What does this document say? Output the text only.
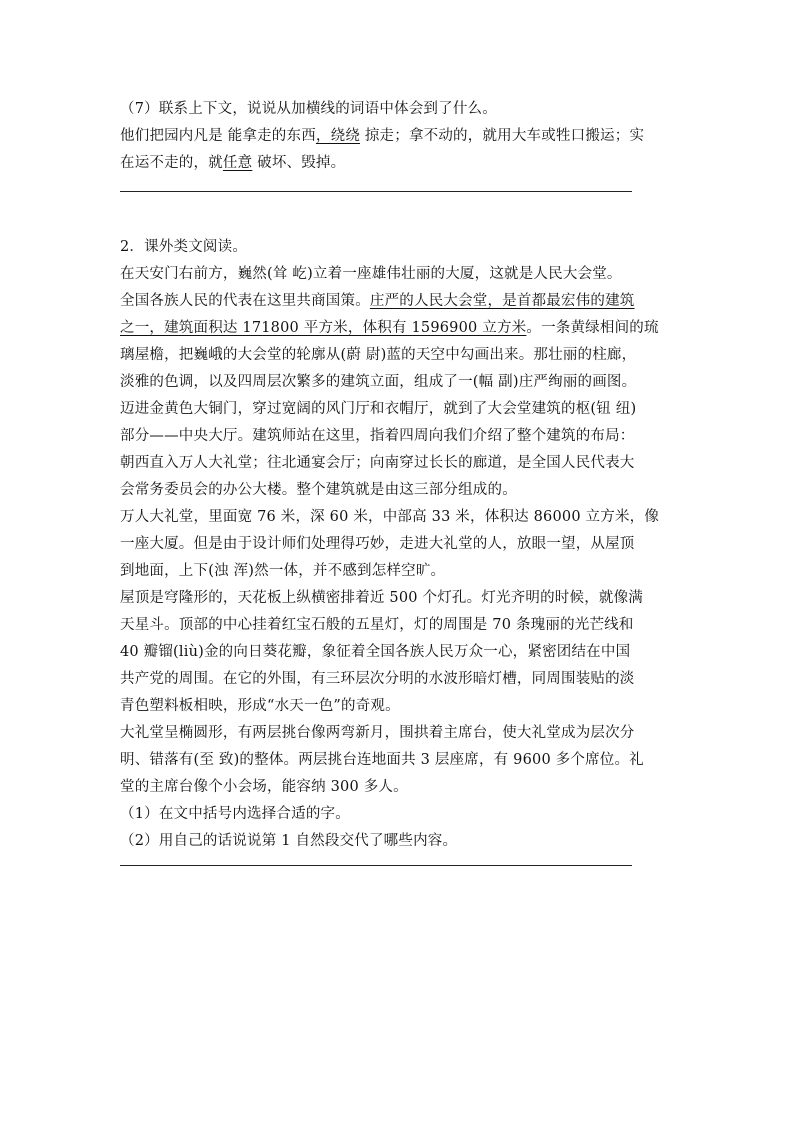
（7）联系上下文，说说从加横线的词语中体会到了什么。
他们把园内凡是 能拿走的东西，绕绕 掠走；拿不动的，就用大车或牲口搬运；实
在运不走的，就任意 破坏、毁掉。
2．课外类文阅读。
在天安门右前方，巍然(耸 屹)立着一座雄伟壮丽的大厦，这就是人民大会堂。
全国各族人民的代表在这里共商国策。庄严的人民大会堂，是首都最宏伟的建筑
之一，建筑面积达 171800 平方米，体积有 1596900 立方米。一条黄绿相间的琉
璃屋檐，把巍峨的大会堂的轮廓从(蔚 尉)蓝的天空中勾画出来。那壮丽的柱廊，
淡雅的色调，以及四周层次繁多的建筑立面，组成了一(幅 副)庄严绚丽的画图。
迈进金黄色大铜门，穿过宽阔的风门厅和衣帽厅，就到了大会堂建筑的枢(钮 纽)
部分——中央大厅。建筑师站在这里，指着四周向我们介绍了整个建筑的布局：
朝西直入万人大礼堂；往北通宴会厅；向南穿过长长的廊道，是全国人民代表大
会常务委员会的办公大楼。整个建筑就是由这三部分组成的。
万人大礼堂，里面宽 76 米，深 60 米，中部高 33 米，体积达 86000 立方米，像
一座大厦。但是由于设计师们处理得巧妙，走进大礼堂的人，放眼一望，从屋顶
到地面，上下(浊 浑)然一体，并不感到怎样空旷。
屋顶是穹隆形的，天花板上纵横密排着近 500 个灯孔。灯光齐明的时候，就像满
天星斗。顶部的中心挂着红宝石般的五星灯，灯的周围是 70 条瑰丽的光芒线和
40 瓣镏(liù)金的向日葵花瓣，象征着全国各族人民万众一心，紧密团结在中国
共产党的周围。在它的外围，有三环层次分明的水波形暗灯槽，同周围装贴的淡
青色塑料板相映，形成“水天一色”的奇观。
大礼堂呈椭圆形，有两层挑台像两弯新月，围拱着主席台，使大礼堂成为层次分
明、错落有(至 致)的整体。两层挑台连地面共 3 层座席，有 9600 多个席位。礼
堂的主席台像个小会场，能容纳 300 多人。
（1）在文中括号内选择合适的字。
（2）用自己的话说说第 1 自然段交代了哪些内容。
